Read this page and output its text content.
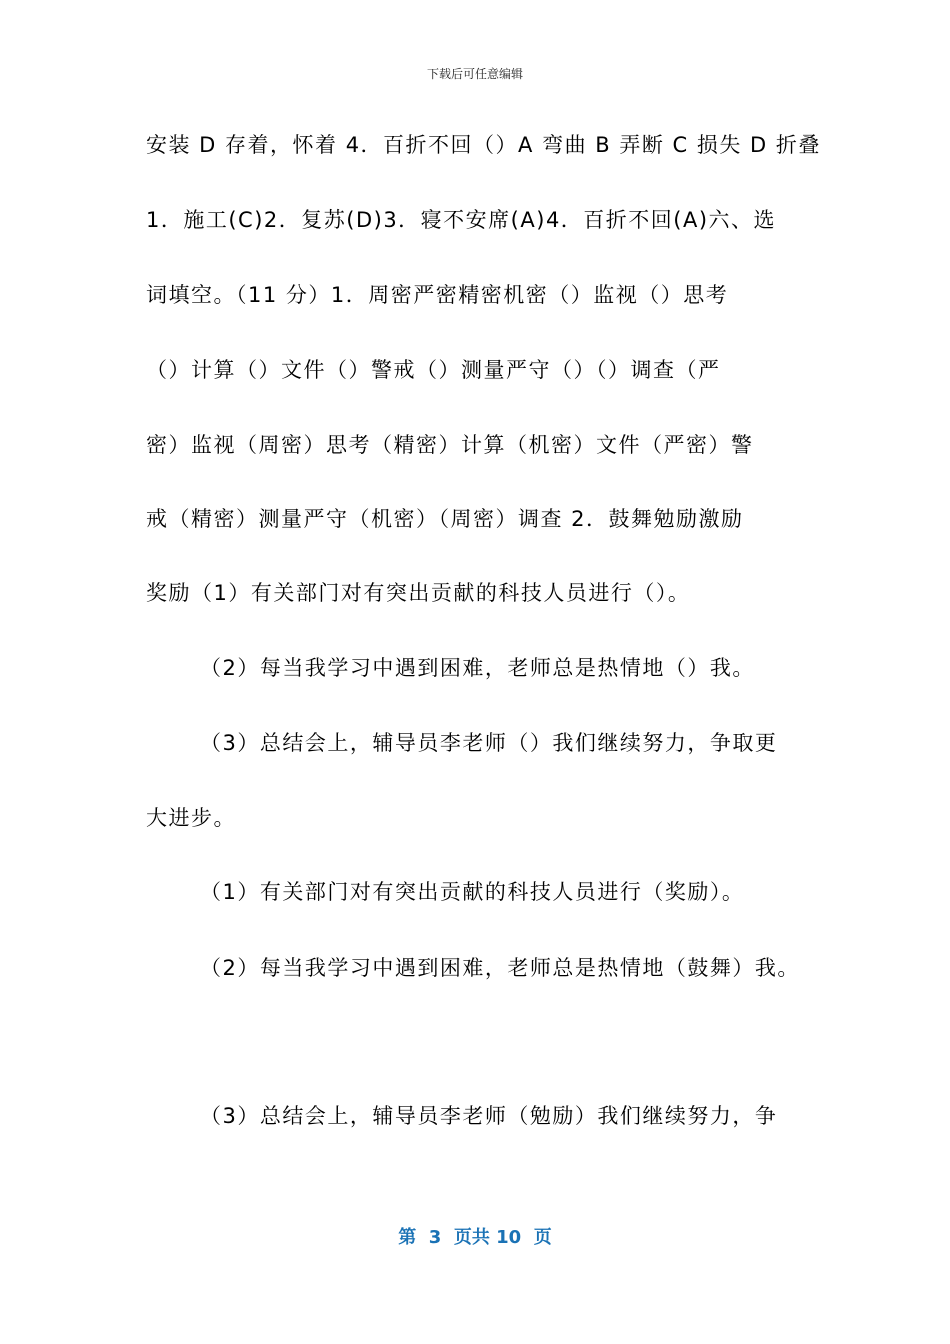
下载后可任意编辑
安装 D 存着，怀着 4．百折不回（）A 弯曲 B 弄断 C 损失 D 折叠
1．施工(C)2．复苏(D)3．寝不安席(A)4．百折不回(A)六、选
词填空。（11 分）1．周密严密精密机密（）监视（）思考
（）计算（）文件（）警戒（）测量严守（）（）调查（严
密）监视（周密）思考（精密）计算（机密）文件（严密）警
戒（精密）测量严守（机密）（周密）调查 2．鼓舞勉励激励
奖励（1）有关部门对有突出贡献的科技人员进行（）。
（2）每当我学习中遇到困难，老师总是热情地（）我。
（3）总结会上，辅导员李老师（）我们继续努力，争取更
大进步。
（1）有关部门对有突出贡献的科技人员进行（奖励）。
（2）每当我学习中遇到困难，老师总是热情地（鼓舞）我。
（3）总结会上，辅导员李老师（勉励）我们继续努力，争
第  3  页共 10  页
